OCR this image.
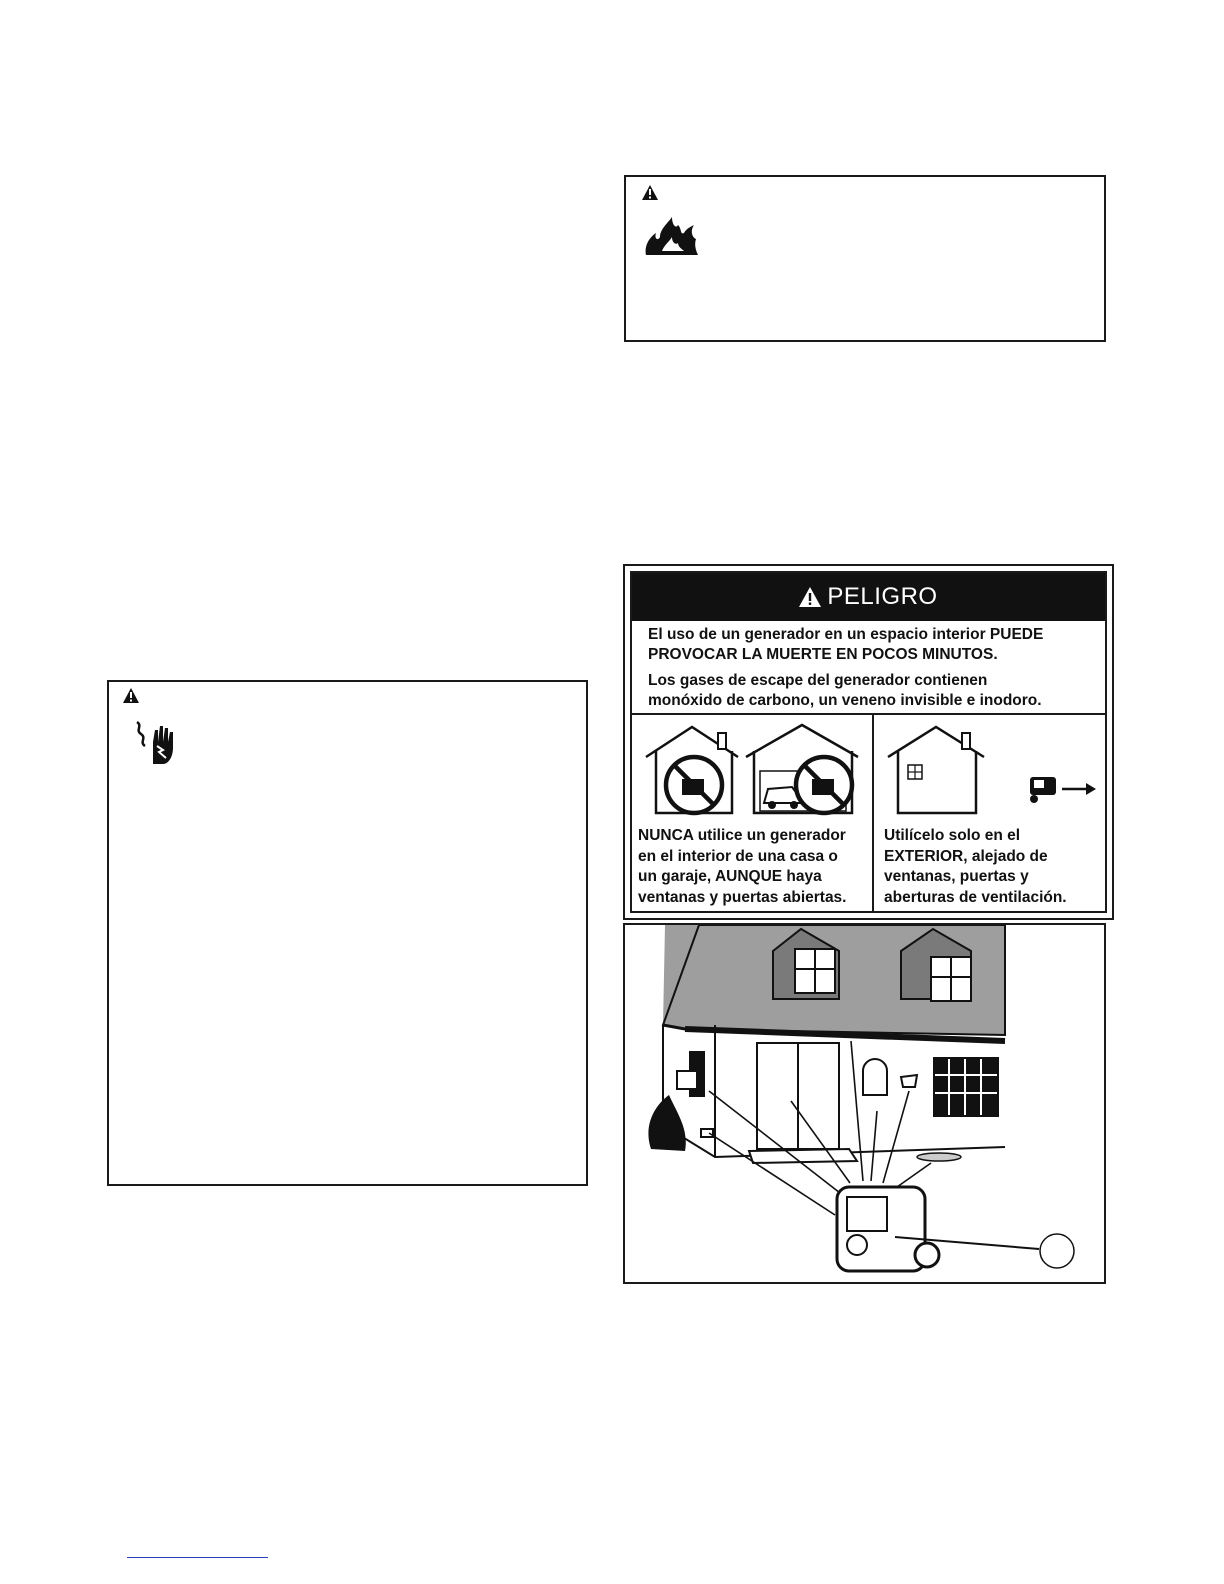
PELIGRO
El uso de un generador en un espacio interior PUEDE
PROVOCAR LA MUERTE EN POCOS MINUTOS.
Los gases de escape del generador contienen
monóxido de carbono, un veneno invisible e inodoro.
NUNCA utilice un generador
en el interior de una casa o
un garaje, AUNQUE haya
ventanas y puertas abiertas.
Utilícelo solo en el
EXTERIOR, alejado de
ventanas, puertas y
aberturas de ventilación.
